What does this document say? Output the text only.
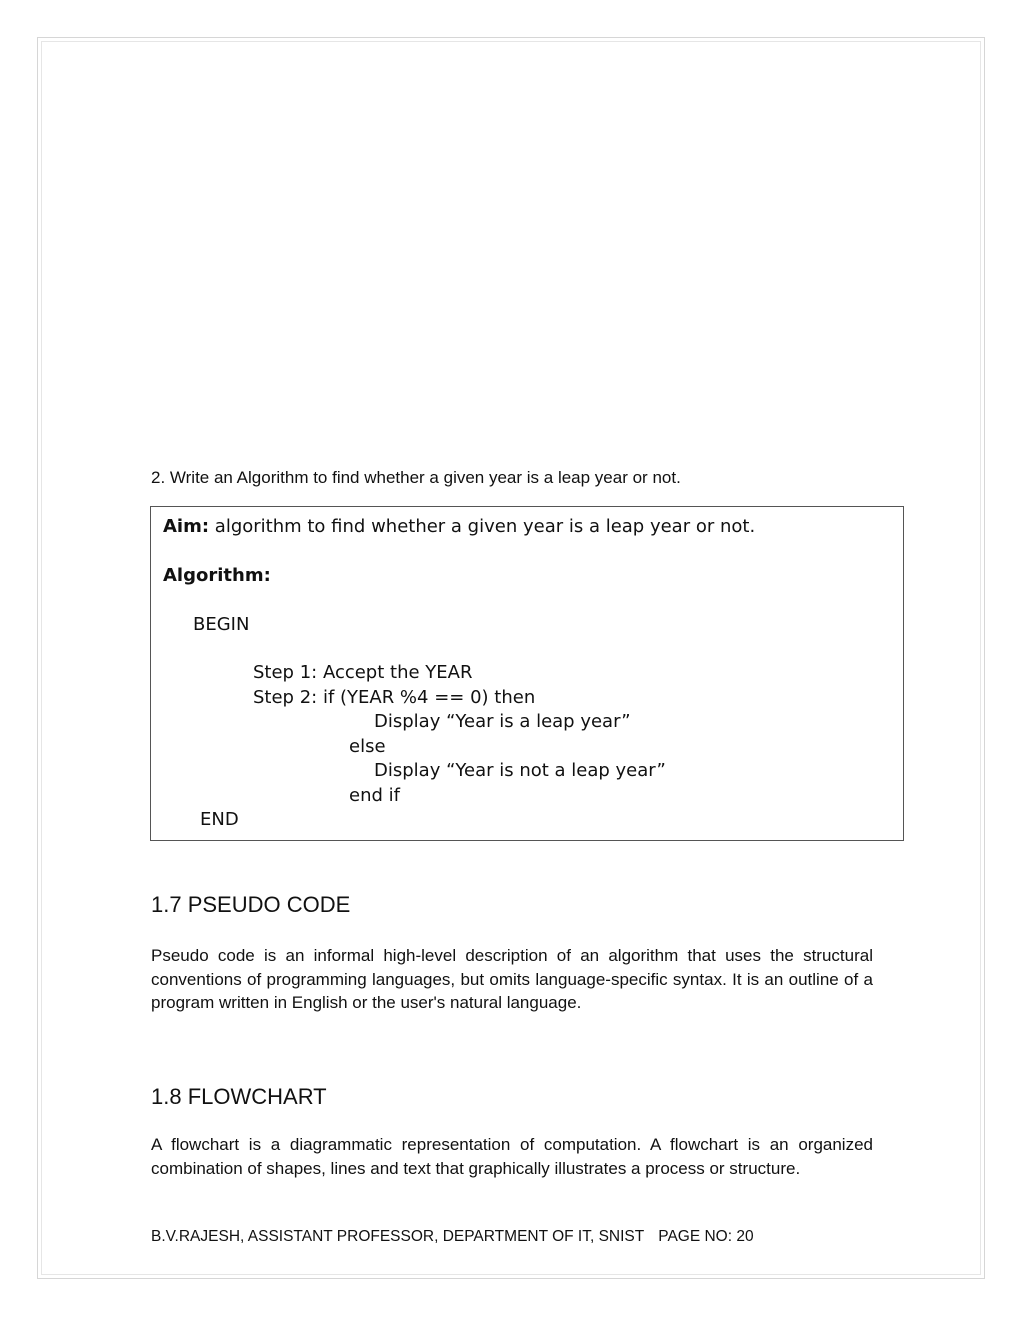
2. Write an Algorithm to find whether a given year is a leap year or not.
Aim: algorithm to find whether a given year is a leap year or not.
Algorithm:
BEGIN
Step 1: Accept the YEAR
Step 2: if (YEAR %4 == 0) then
Display “Year is a leap year”
else
Display “Year is not a leap year”
end if
END
1.7 PSEUDO CODE

Pseudo code is an informal high-level description of an algorithm that uses the structural conventions of programming languages, but omits language-specific syntax. It is an outline of a program written in English or the user's natural language.

1.8 FLOWCHART

A flowchart is a diagrammatic representation of computation. A flowchart is an organized combination of shapes, lines and text that graphically illustrates a process or structure.

B.V.RAJESH, ASSISTANT PROFESSOR, DEPARTMENT OF IT, SNIST PAGE NO: 20
